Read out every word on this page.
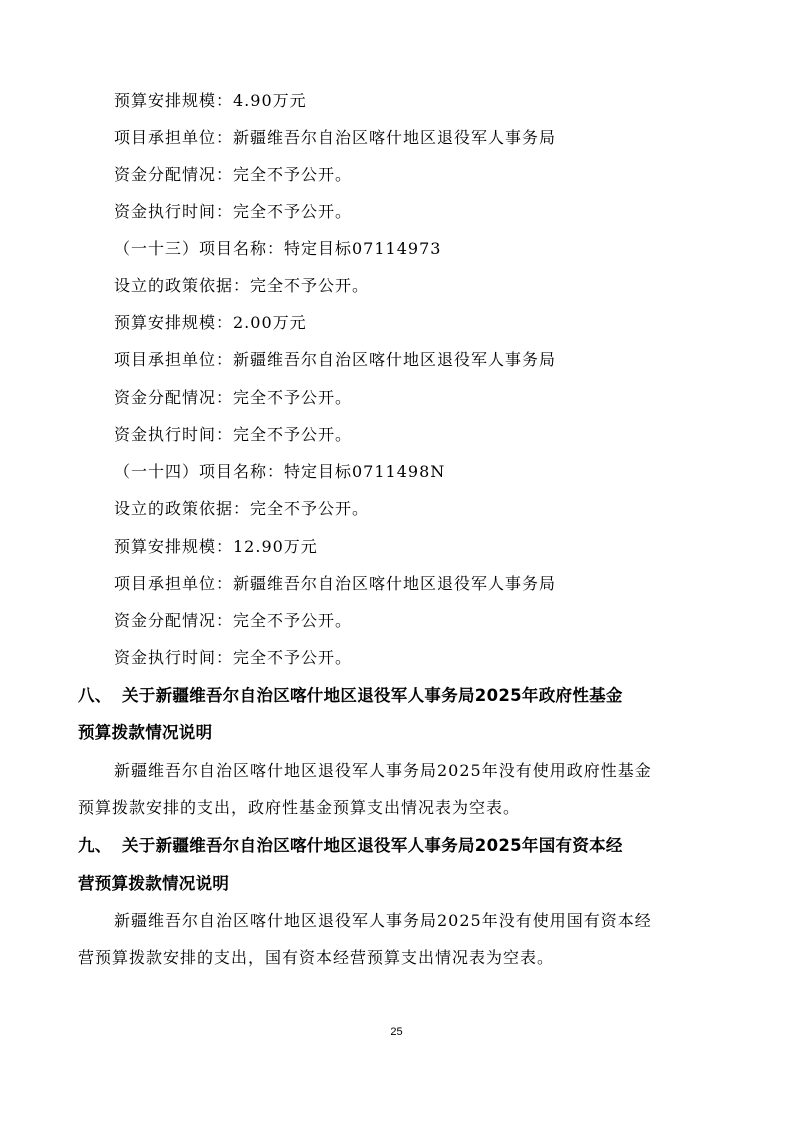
预算安排规模：4.90万元
项目承担单位：新疆维吾尔自治区喀什地区退役军人事务局
资金分配情况：完全不予公开。
资金执行时间：完全不予公开。
（一十三）项目名称：特定目标07114973
设立的政策依据：完全不予公开。
预算安排规模：2.00万元
项目承担单位：新疆维吾尔自治区喀什地区退役军人事务局
资金分配情况：完全不予公开。
资金执行时间：完全不予公开。
（一十四）项目名称：特定目标0711498N
设立的政策依据：完全不予公开。
预算安排规模：12.90万元
项目承担单位：新疆维吾尔自治区喀什地区退役军人事务局
资金分配情况：完全不予公开。
资金执行时间：完全不予公开。
八、 关于新疆维吾尔自治区喀什地区退役军人事务局2025年政府性基金
预算拨款情况说明
新疆维吾尔自治区喀什地区退役军人事务局2025年没有使用政府性基金
预算拨款安排的支出，政府性基金预算支出情况表为空表。
九、 关于新疆维吾尔自治区喀什地区退役军人事务局2025年国有资本经
营预算拨款情况说明
新疆维吾尔自治区喀什地区退役军人事务局2025年没有使用国有资本经
营预算拨款安排的支出，国有资本经营预算支出情况表为空表。
25
